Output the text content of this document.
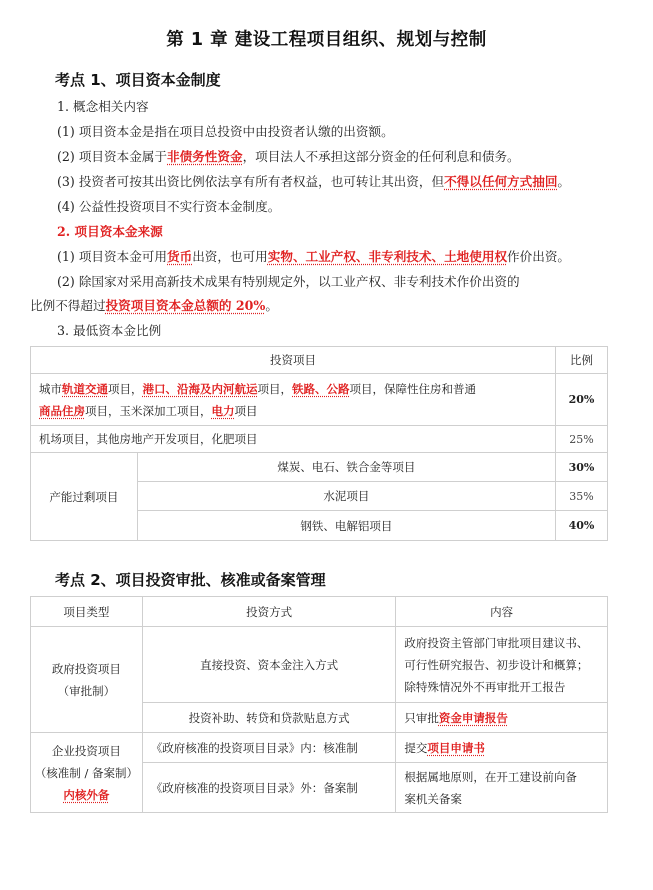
第 1 章 建设工程项目组织、规划与控制
考点 1、项目资本金制度
1. 概念相关内容
(1) 项目资本金是指在项目总投资中由投资者认缴的出资额。
(2) 项目资本金属于非债务性资金，项目法人不承担这部分资金的任何利息和债务。
(3) 投资者可按其出资比例依法享有所有者权益，也可转让其出资，但不得以任何方式抽回。
(4) 公益性投资项目不实行资本金制度。
2. 项目资本金来源
(1) 项目资本金可用货币出资，也可用实物、工业产权、非专利技术、土地使用权作价出资。
(2) 除国家对采用高新技术成果有特别规定外，以工业产权、非专利技术作价出资的
比例不得超过投资项目资本金总额的 20%。
3. 最低资本金比例
投资项目		比例
城市轨道交通项目，港口、沿海及内河航运项目，铁路、公路项目，保障性住房和普通
商品住房项目，玉米深加工项目，电力项目		20%
机场项目，其他房地产开发项目，化肥项目		25%
产能过剩项目	煤炭、电石、铁合金等项目	30%
	水泥项目	35%
	钢铁、电解铝项目	40%
考点 2、项目投资审批、核准或备案管理
项目类型	投资方式	内容
政府投资项目
（审批制）	直接投资、资本金注入方式	政府投资主管部门审批项目建议书、
可行性研究报告、初步设计和概算；
除特殊情况外不再审批开工报告
	投资补助、转贷和贷款贴息方式	只审批资金申请报告
企业投资项目
（核准制 / 备案制）
内核外备	《政府核准的投资项目目录》内：核准制	提交项目申请书
	《政府核准的投资项目目录》外：备案制	根据属地原则，在开工建设前向备
案机关备案
